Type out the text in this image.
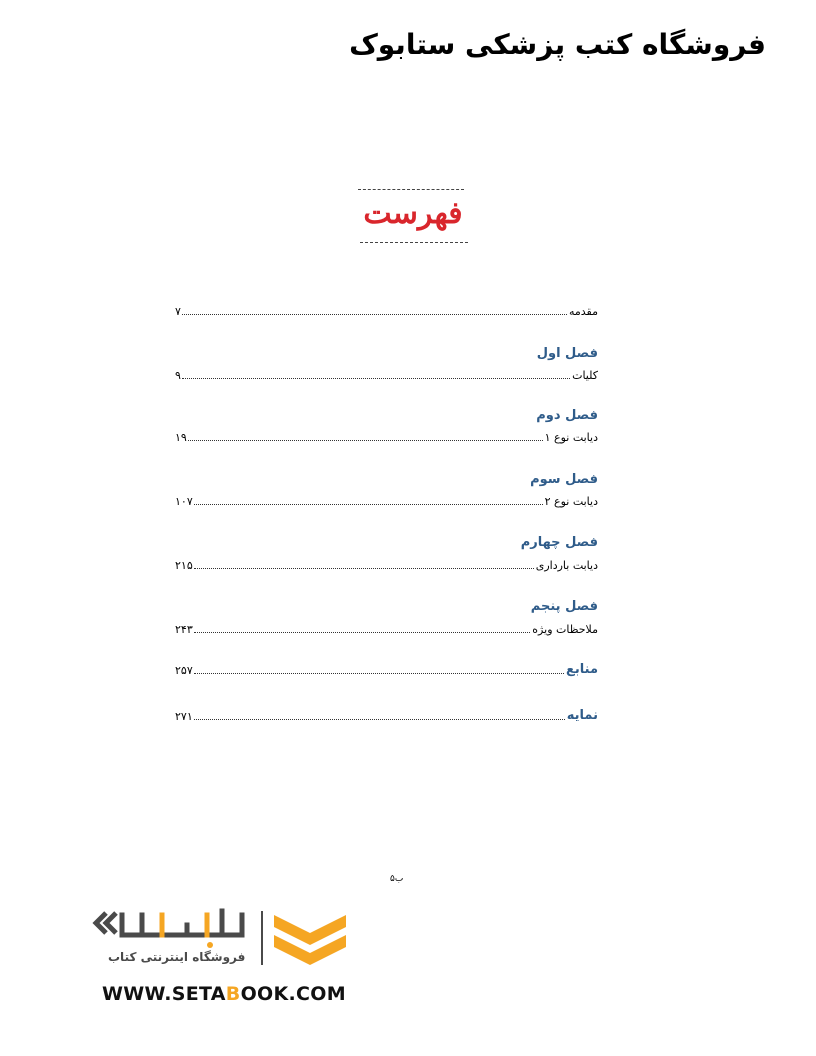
فروشگاه کتب پزشکی ستابوک
فهرست
مقدمه
۷
فصل اول
کلیات
۹
فصل دوم
دیابت نوع ۱
۱۹
فصل سوم
دیابت نوع ۲
۱۰۷
فصل چهارم
دیابت بارداری
۲۱۵
فصل پنجم
ملاحظات ویژه
۲۴۳
منابع
۲۵۷
نمایه
۲۷۱
ب‌۵
فروشگاه اینترنتی کتاب
WWW.SETABOOK.COM
